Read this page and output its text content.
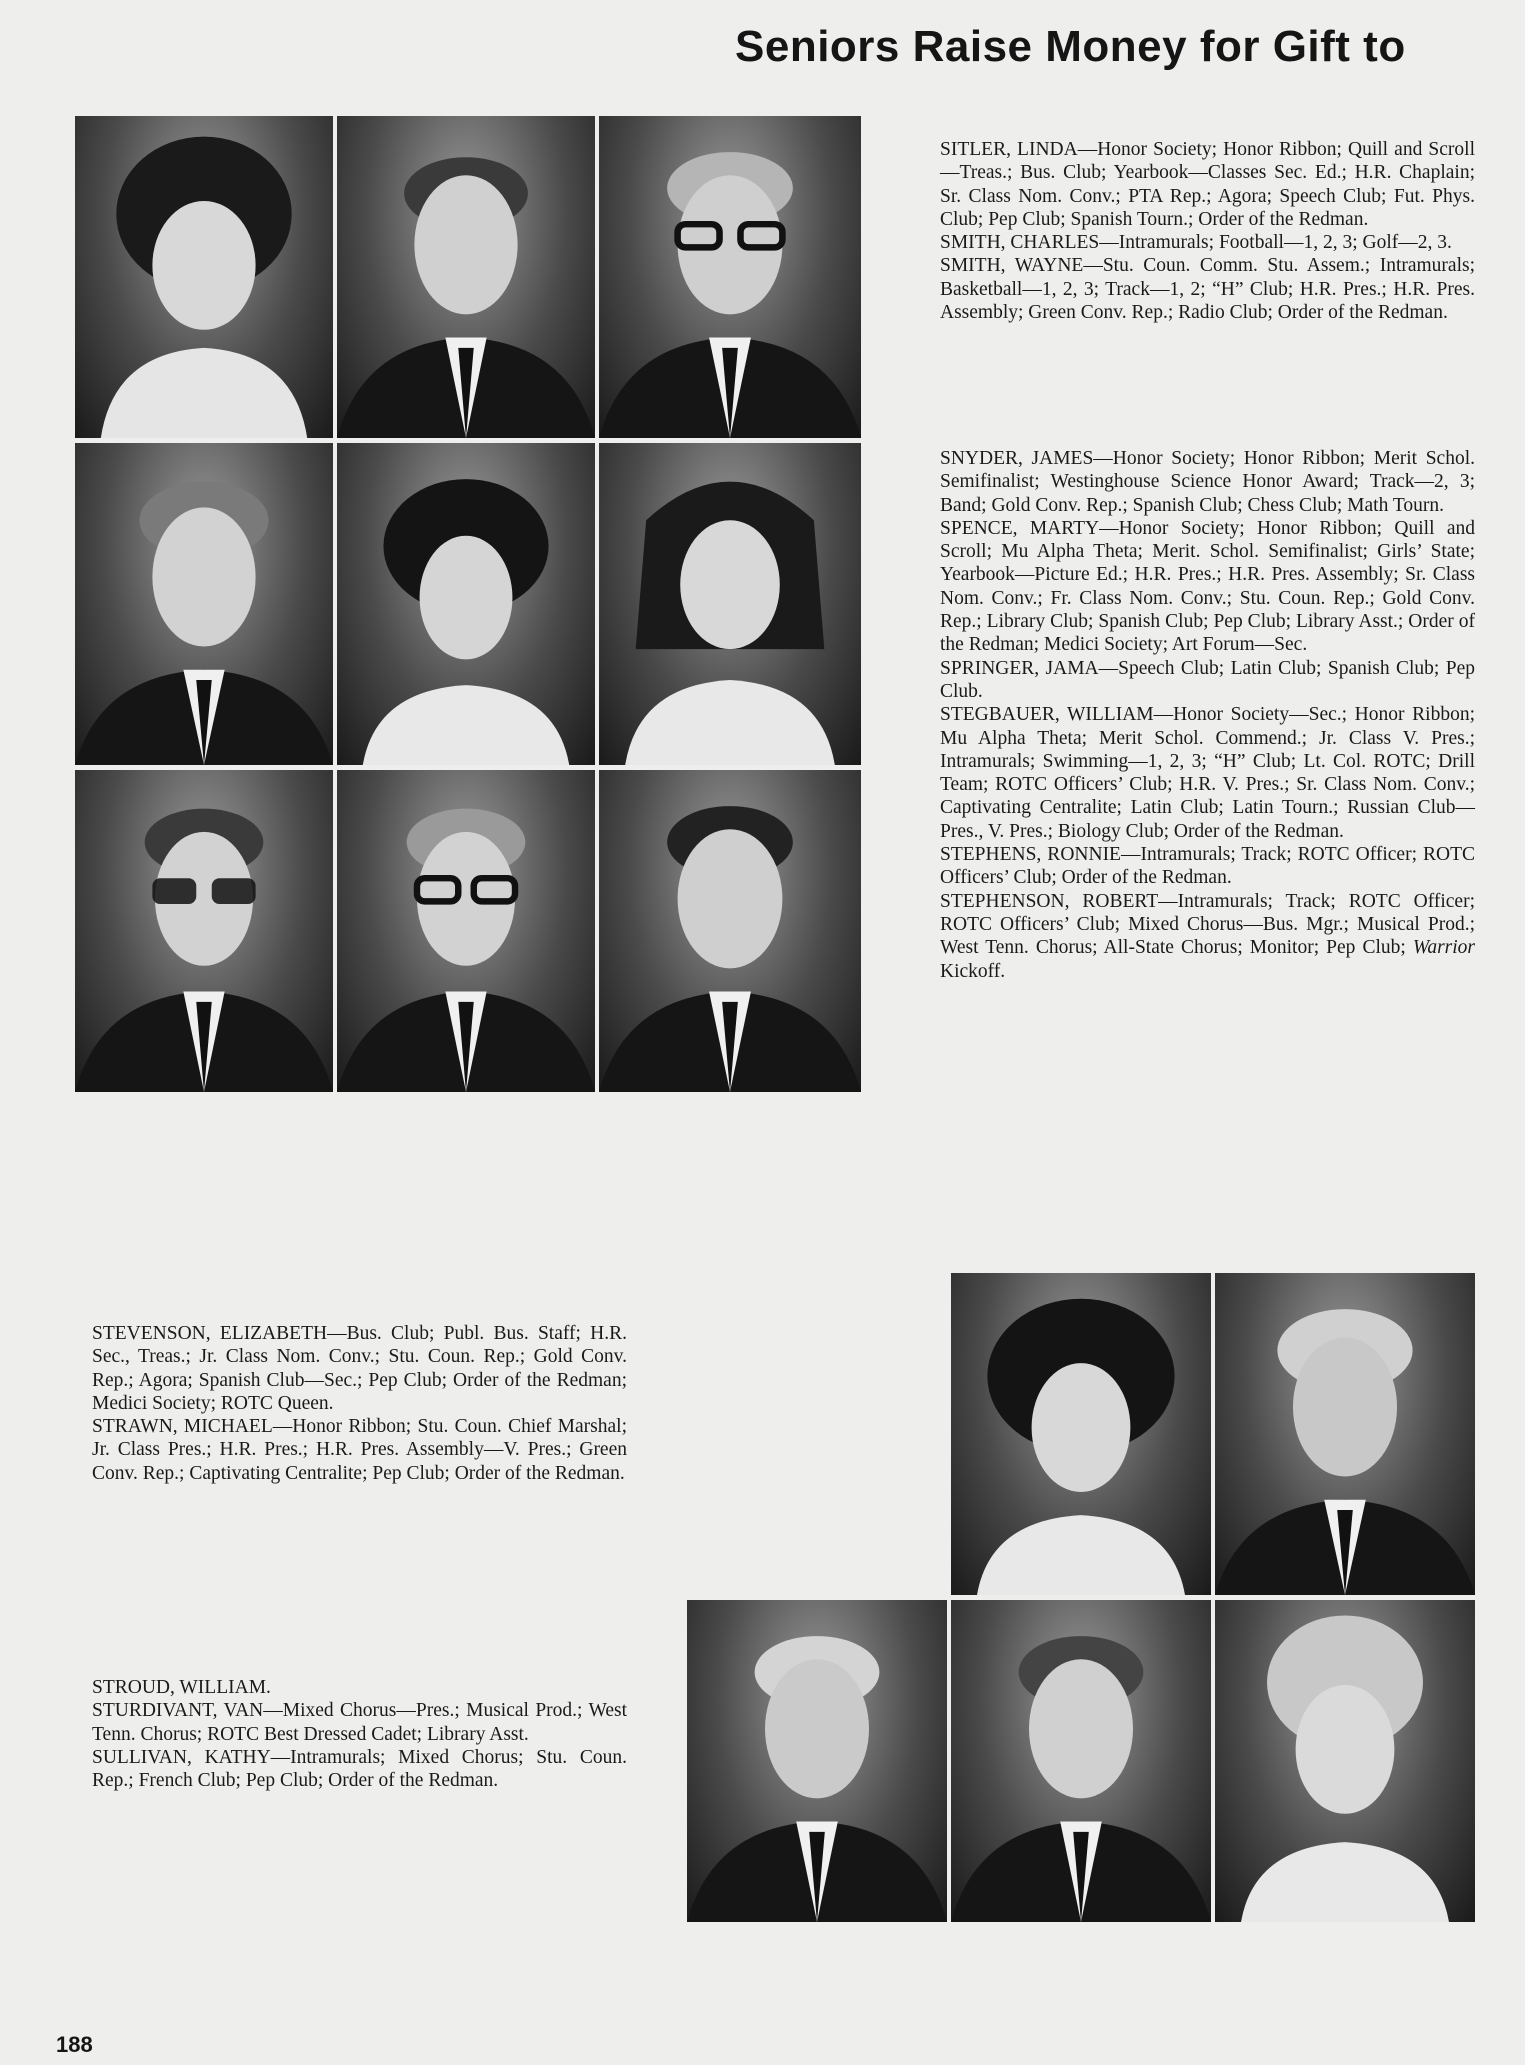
Seniors Raise Money for Gift to

SITLER, LINDA—Honor Society; Honor Ribbon; Quill and Scroll—Treas.; Bus. Club; Yearbook—Classes Sec. Ed.; H.R. Chaplain; Sr. Class Nom. Conv.; PTA Rep.; Agora; Speech Club; Fut. Phys. Club; Pep Club; Spanish Tourn.; Order of the Redman.

SMITH, CHARLES—Intramurals; Football—1, 2, 3; Golf—2, 3.

SMITH, WAYNE—Stu. Coun. Comm. Stu. Assem.; Intramurals; Basketball—1, 2, 3; Track—1, 2; “H” Club; H.R. Pres.; H.R. Pres. Assembly; Green Conv. Rep.; Radio Club; Order of the Redman.

SNYDER, JAMES—Honor Society; Honor Ribbon; Merit Schol. Semifinalist; Westinghouse Science Honor Award; Track—2, 3; Band; Gold Conv. Rep.; Spanish Club; Chess Club; Math Tourn.

SPENCE, MARTY—Honor Society; Honor Ribbon; Quill and Scroll; Mu Alpha Theta; Merit. Schol. Semifinalist; Girls’ State; Yearbook—Picture Ed.; H.R. Pres.; H.R. Pres. Assembly; Sr. Class Nom. Conv.; Fr. Class Nom. Conv.; Stu. Coun. Rep.; Gold Conv. Rep.; Library Club; Spanish Club; Pep Club; Library Asst.; Order of the Redman; Medici Society; Art Forum—Sec.

SPRINGER, JAMA—Speech Club; Latin Club; Spanish Club; Pep Club.

STEGBAUER, WILLIAM—Honor Society—Sec.; Honor Ribbon; Mu Alpha Theta; Merit Schol. Commend.; Jr. Class V. Pres.; Intramurals; Swimming—1, 2, 3; “H” Club; Lt. Col. ROTC; Drill Team; ROTC Officers’ Club; H.R. V. Pres.; Sr. Class Nom. Conv.; Captivating Centralite; Latin Club; Latin Tourn.; Russian Club—Pres., V. Pres.; Biology Club; Order of the Redman.

STEPHENS, RONNIE—Intramurals; Track; ROTC Officer; ROTC Officers’ Club; Order of the Redman.

STEPHENSON, ROBERT—Intramurals; Track; ROTC Officer; ROTC Officers’ Club; Mixed Chorus—Bus. Mgr.; Musical Prod.; West Tenn. Chorus; All-State Chorus; Monitor; Pep Club; Warrior Kickoff.

STEVENSON, ELIZABETH—Bus. Club; Publ. Bus. Staff; H.R. Sec., Treas.; Jr. Class Nom. Conv.; Stu. Coun. Rep.; Gold Conv. Rep.; Agora; Spanish Club—Sec.; Pep Club; Order of the Redman; Medici Society; ROTC Queen.

STRAWN, MICHAEL—Honor Ribbon; Stu. Coun. Chief Marshal; Jr. Class Pres.; H.R. Pres.; H.R. Pres. Assembly—V. Pres.; Green Conv. Rep.; Captivating Centralite; Pep Club; Order of the Redman.

STROUD, WILLIAM.

STURDIVANT, VAN—Mixed Chorus—Pres.; Musical Prod.; West Tenn. Chorus; ROTC Best Dressed Cadet; Library Asst.

SULLIVAN, KATHY—Intramurals; Mixed Chorus; Stu. Coun. Rep.; French Club; Pep Club; Order of the Redman.

188
